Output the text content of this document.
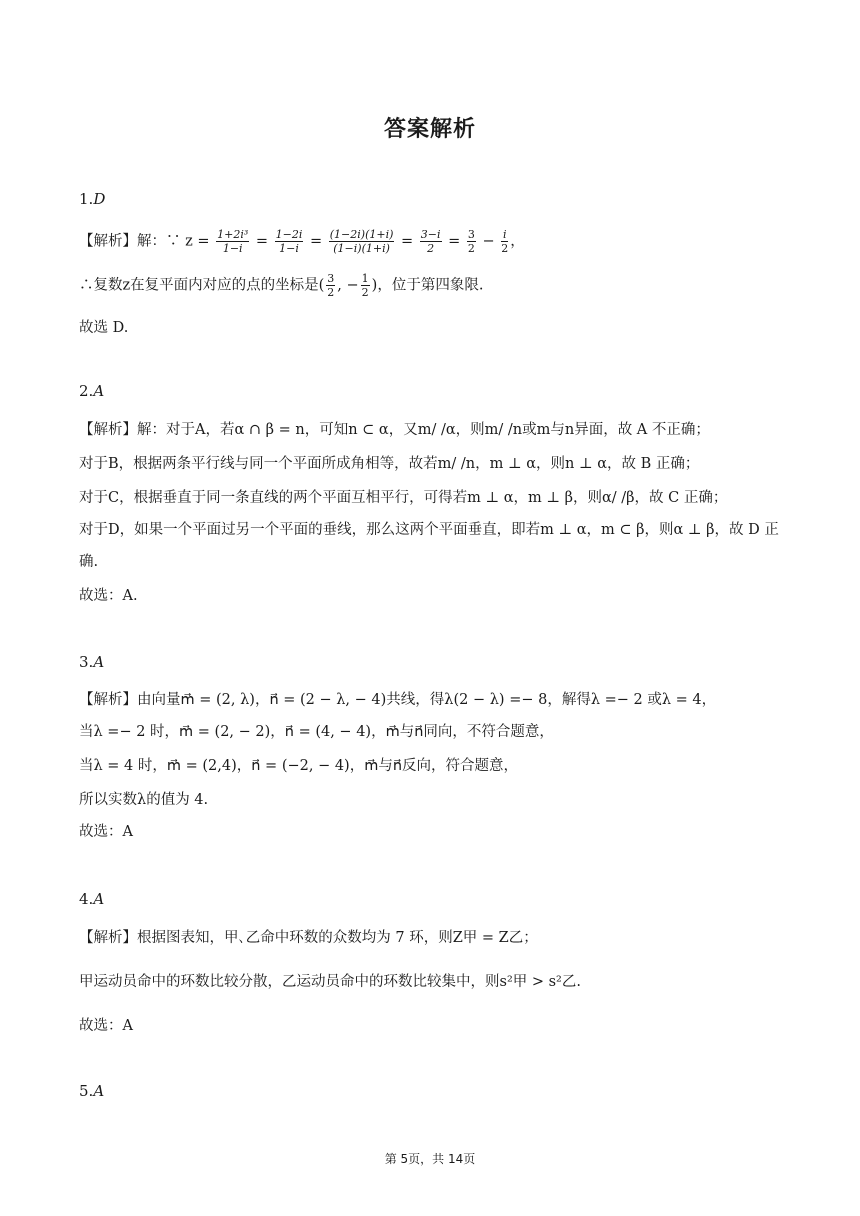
答案解析
1.D
【解析】解：∵ $z = \frac{\text{1+2i³}}{1-i} = \frac{1-2i}{1-i} = \frac{(1-2i)(1+i)}{(1-i)(1+i)} = \frac{3-i}{2} = \frac{3}{2} - \frac{i}{2}$ ，
∴复数z在复平面内对应的点的坐标是( $\frac{3}{2}$ , − $\frac{1}{2}$ )，位于第四象限.
故选 D.
2.A
【解析】解：对于A，若α ∩ β = n，可知n ⊂ α，又m/ /α，则m/ /n或m与n异面，故 A 不正确；
对于B，根据两条平行线与同一个平面所成角相等，故若m/ /n，m ⊥ α，则n ⊥ α，故 B 正确；
对于C，根据垂直于同一条直线的两个平面互相平行，可得若m ⊥ α，m ⊥ β，则α/ /β，故 C 正确；
对于D，如果一个平面过另一个平面的垂线，那么这两个平面垂直，即若m ⊥ α，m ⊂ β，则α ⊥ β，故 D 正
确.
故选：A.
3.A
【解析】由向量m⃗ = (2, λ)，n⃗ = (2 − λ, − 4)共线，得λ(2 − λ) =− 8，解得λ =− 2 或λ = 4，
当λ =− 2 时，m⃗ = (2, − 2)，n⃗ = (4, − 4)，m⃗与n⃗同向，不符合题意，
当λ = 4 时，m⃗ = (2,4)，n⃗ = (−2, − 4)，m⃗与n⃗反向，符合题意，
所以实数λ的值为 4.
故选：A
4.A
【解析】根据图表知，甲､乙命中环数的众数均为 7 环，则Z甲 = Z乙；
甲运动员命中的环数比较分散，乙运动员命中的环数比较集中，则s²甲 > s²乙.
故选：A
5.A
第 5页，共 14页
